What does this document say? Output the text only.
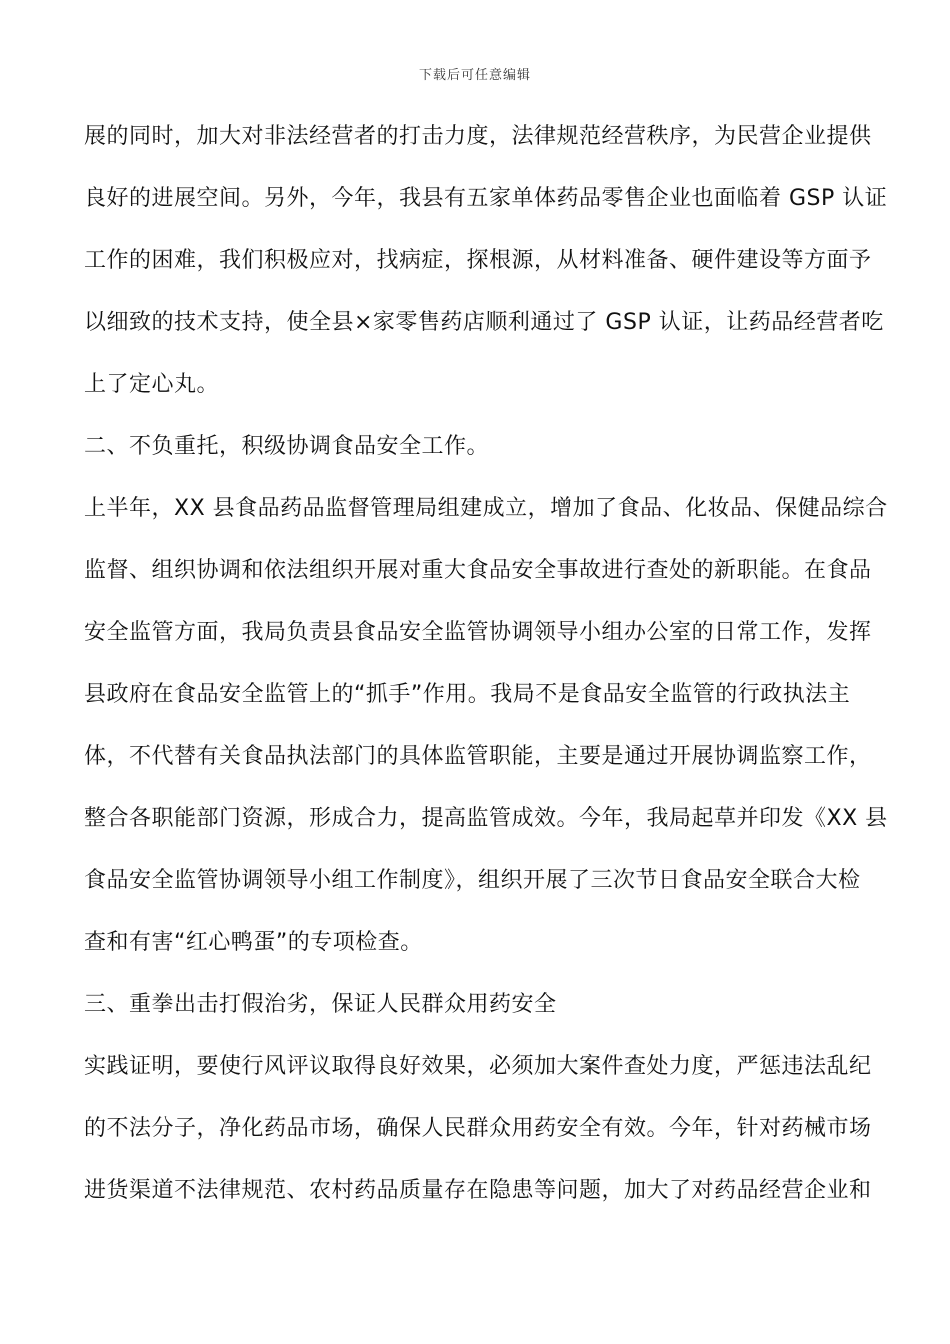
下载后可任意编辑
展的同时，加大对非法经营者的打击力度，法律规范经营秩序，为民营企业提供
良好的进展空间。另外，今年，我县有五家单体药品零售企业也面临着 GSP 认证
工作的困难，我们积极应对，找病症，探根源，从材料准备、硬件建设等方面予
以细致的技术支持，使全县×家零售药店顺利通过了 GSP 认证，让药品经营者吃
上了定心丸。
二、不负重托，积级协调食品安全工作。
上半年，XX 县食品药品监督管理局组建成立，增加了食品、化妆品、保健品综合
监督、组织协调和依法组织开展对重大食品安全事故进行查处的新职能。在食品
安全监管方面，我局负责县食品安全监管协调领导小组办公室的日常工作，发挥
县政府在食品安全监管上的“抓手”作用。我局不是食品安全监管的行政执法主
体，不代替有关食品执法部门的具体监管职能，主要是通过开展协调监察工作，
整合各职能部门资源，形成合力，提高监管成效。今年，我局起草并印发《XX 县
食品安全监管协调领导小组工作制度》，组织开展了三次节日食品安全联合大检
查和有害“红心鸭蛋”的专项检查。
三、重拳出击打假治劣，保证人民群众用药安全
实践证明，要使行风评议取得良好效果，必须加大案件查处力度，严惩违法乱纪
的不法分子，净化药品市场，确保人民群众用药安全有效。今年，针对药械市场
进货渠道不法律规范、农村药品质量存在隐患等问题，加大了对药品经营企业和
